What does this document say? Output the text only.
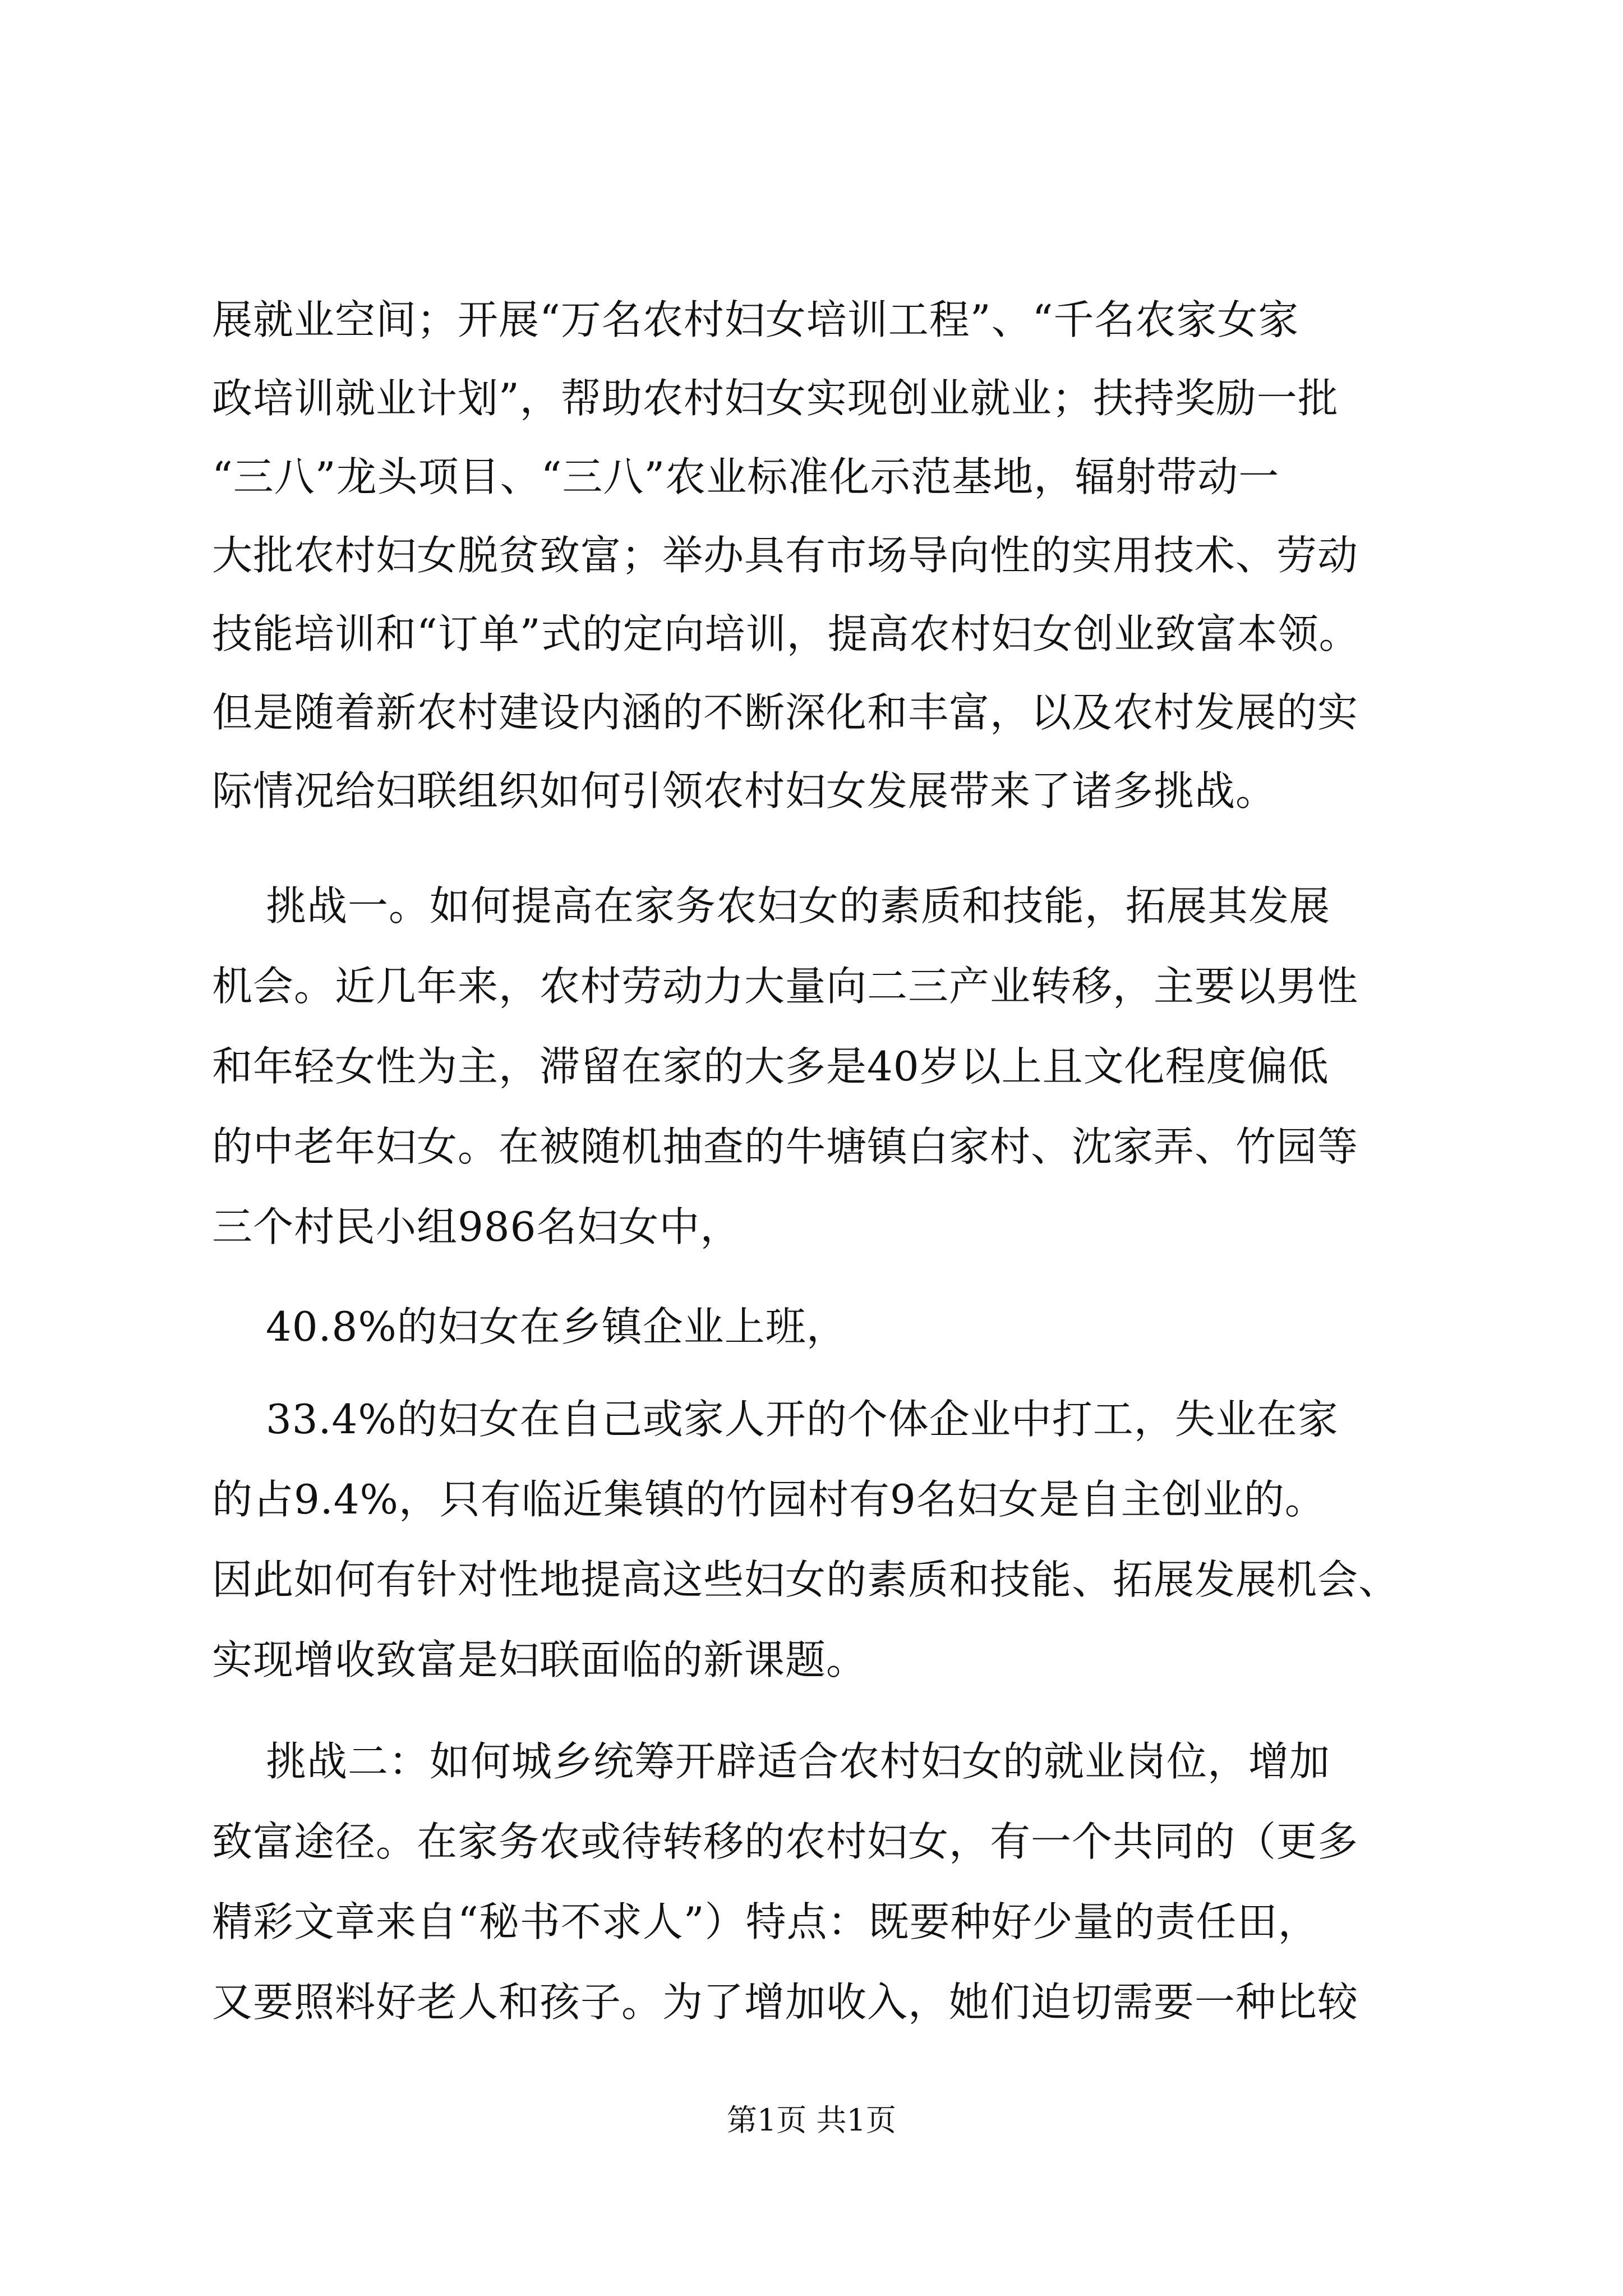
展就业空间；开展“万名农村妇女培训工程”、“千名农家女家
政培训就业计划”，帮助农村妇女实现创业就业；扶持奖励一批
“三八”龙头项目、“三八”农业标准化示范基地，辐射带动一
大批农村妇女脱贫致富；举办具有市场导向性的实用技术、劳动
技能培训和“订单”式的定向培训，提高农村妇女创业致富本领。
但是随着新农村建设内涵的不断深化和丰富，以及农村发展的实
际情况给妇联组织如何引领农村妇女发展带来了诸多挑战。
挑战一。如何提高在家务农妇女的素质和技能，拓展其发展
机会。近几年来，农村劳动力大量向二三产业转移，主要以男性
和年轻女性为主，滞留在家的大多是40岁以上且文化程度偏低
的中老年妇女。在被随机抽查的牛塘镇白家村、沈家弄、竹园等
三个村民小组986名妇女中，
40.8%的妇女在乡镇企业上班，
33.4%的妇女在自己或家人开的个体企业中打工，失业在家
的占9.4%，只有临近集镇的竹园村有9名妇女是自主创业的。
因此如何有针对性地提高这些妇女的素质和技能、拓展发展机会、
实现增收致富是妇联面临的新课题。
挑战二：如何城乡统筹开辟适合农村妇女的就业岗位，增加
致富途径。在家务农或待转移的农村妇女，有一个共同的（更多
精彩文章来自“秘书不求人”）特点：既要种好少量的责任田，
又要照料好老人和孩子。为了增加收入，她们迫切需要一种比较
第1页 共1页
